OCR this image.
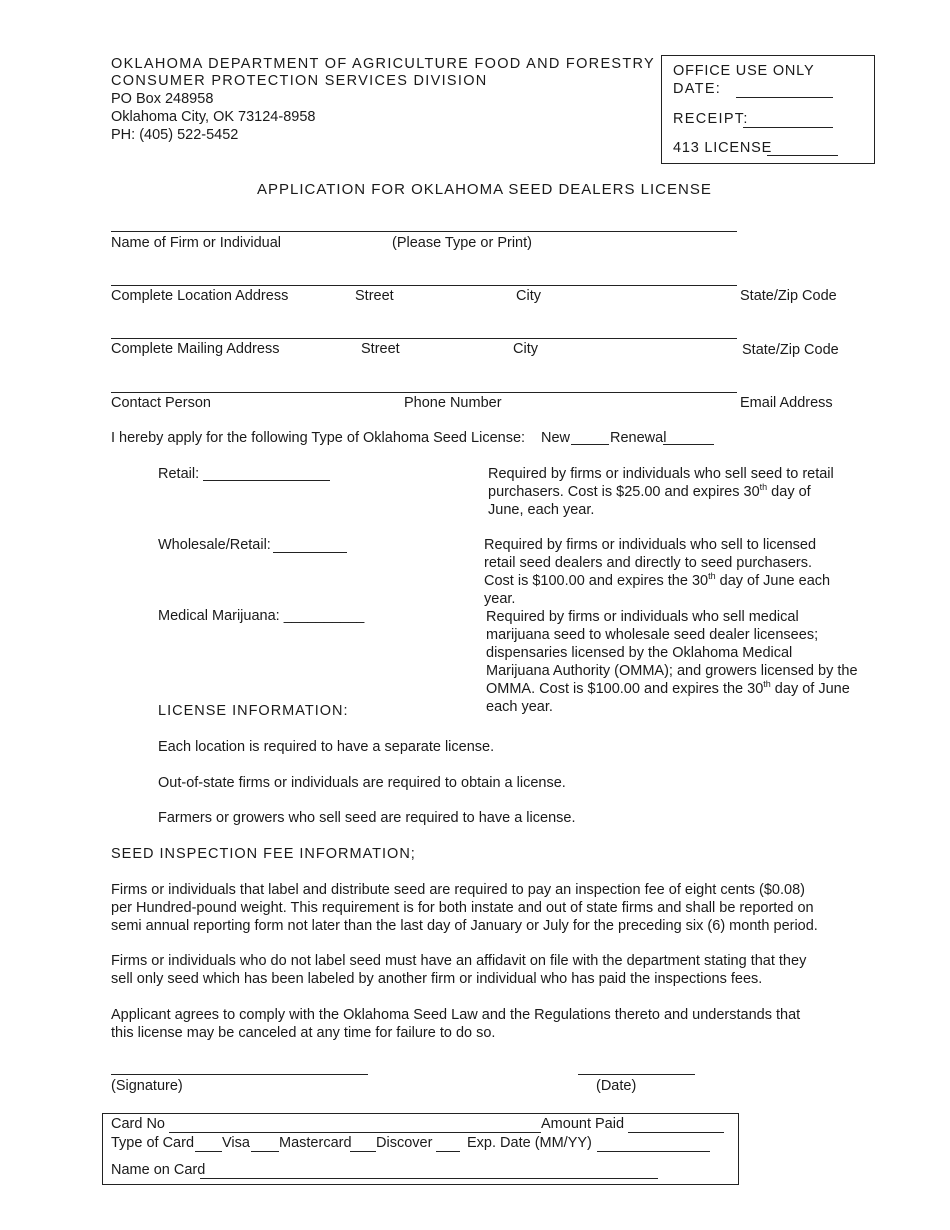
OKLAHOMA DEPARTMENT OF AGRICULTURE FOOD AND FORESTRY
CONSUMER PROTECTION SERVICES DIVISION
PO Box 248958
Oklahoma City, OK 73124-8958
PH: (405) 522-5452
OFFICE USE ONLY
DATE:
RECEIPT:
413 LICENSE
APPLICATION FOR OKLAHOMA SEED DEALERS LICENSE
Name of Firm or Individual	(Please Type or Print)
Complete Location Address	Street	City	State/Zip Code
Complete Mailing Address	Street	City	State/Zip Code
Contact Person	Phone Number	Email Address
I hereby apply for the following Type of Oklahoma Seed License: New	Renewal
Retail:	Required by firms or individuals who sell seed to retail purchasers. Cost is $25.00 and expires 30th day of June, each year.
Wholesale/Retail:	Required by firms or individuals who sell to licensed retail seed dealers and directly to seed purchasers. Cost is $100.00 and expires the 30th day of June each year.
Medical Marijuana: __________	Required by firms or individuals who sell medical marijuana seed to wholesale seed dealer licensees; dispensaries licensed by the Oklahoma Medical Marijuana Authority (OMMA); and growers licensed by the OMMA. Cost is $100.00 and expires the 30th day of June each year.
LICENSE INFORMATION:
Each location is required to have a separate license.
Out-of-state firms or individuals are required to obtain a license.
Farmers or growers who sell seed are required to have a license.
SEED INSPECTION FEE INFORMATION;
Firms or individuals that label and distribute seed are required to pay an inspection fee of eight cents ($0.08) per Hundred-pound weight. This requirement is for both instate and out of state firms and shall be reported on semi annual reporting form not later than the last day of January or July for the preceding six (6) month period.
Firms or individuals who do not label seed must have an affidavit on file with the department stating that they sell only seed which has been labeled by another firm or individual who has paid the inspections fees.
Applicant agrees to comply with the Oklahoma Seed Law and the Regulations thereto and understands that this license may be canceled at any time for failure to do so.
(Signature)	(Date)
Card No	Amount Paid
Type of Card Visa Mastercard Discover Exp. Date (MM/YY)
Name on Card
